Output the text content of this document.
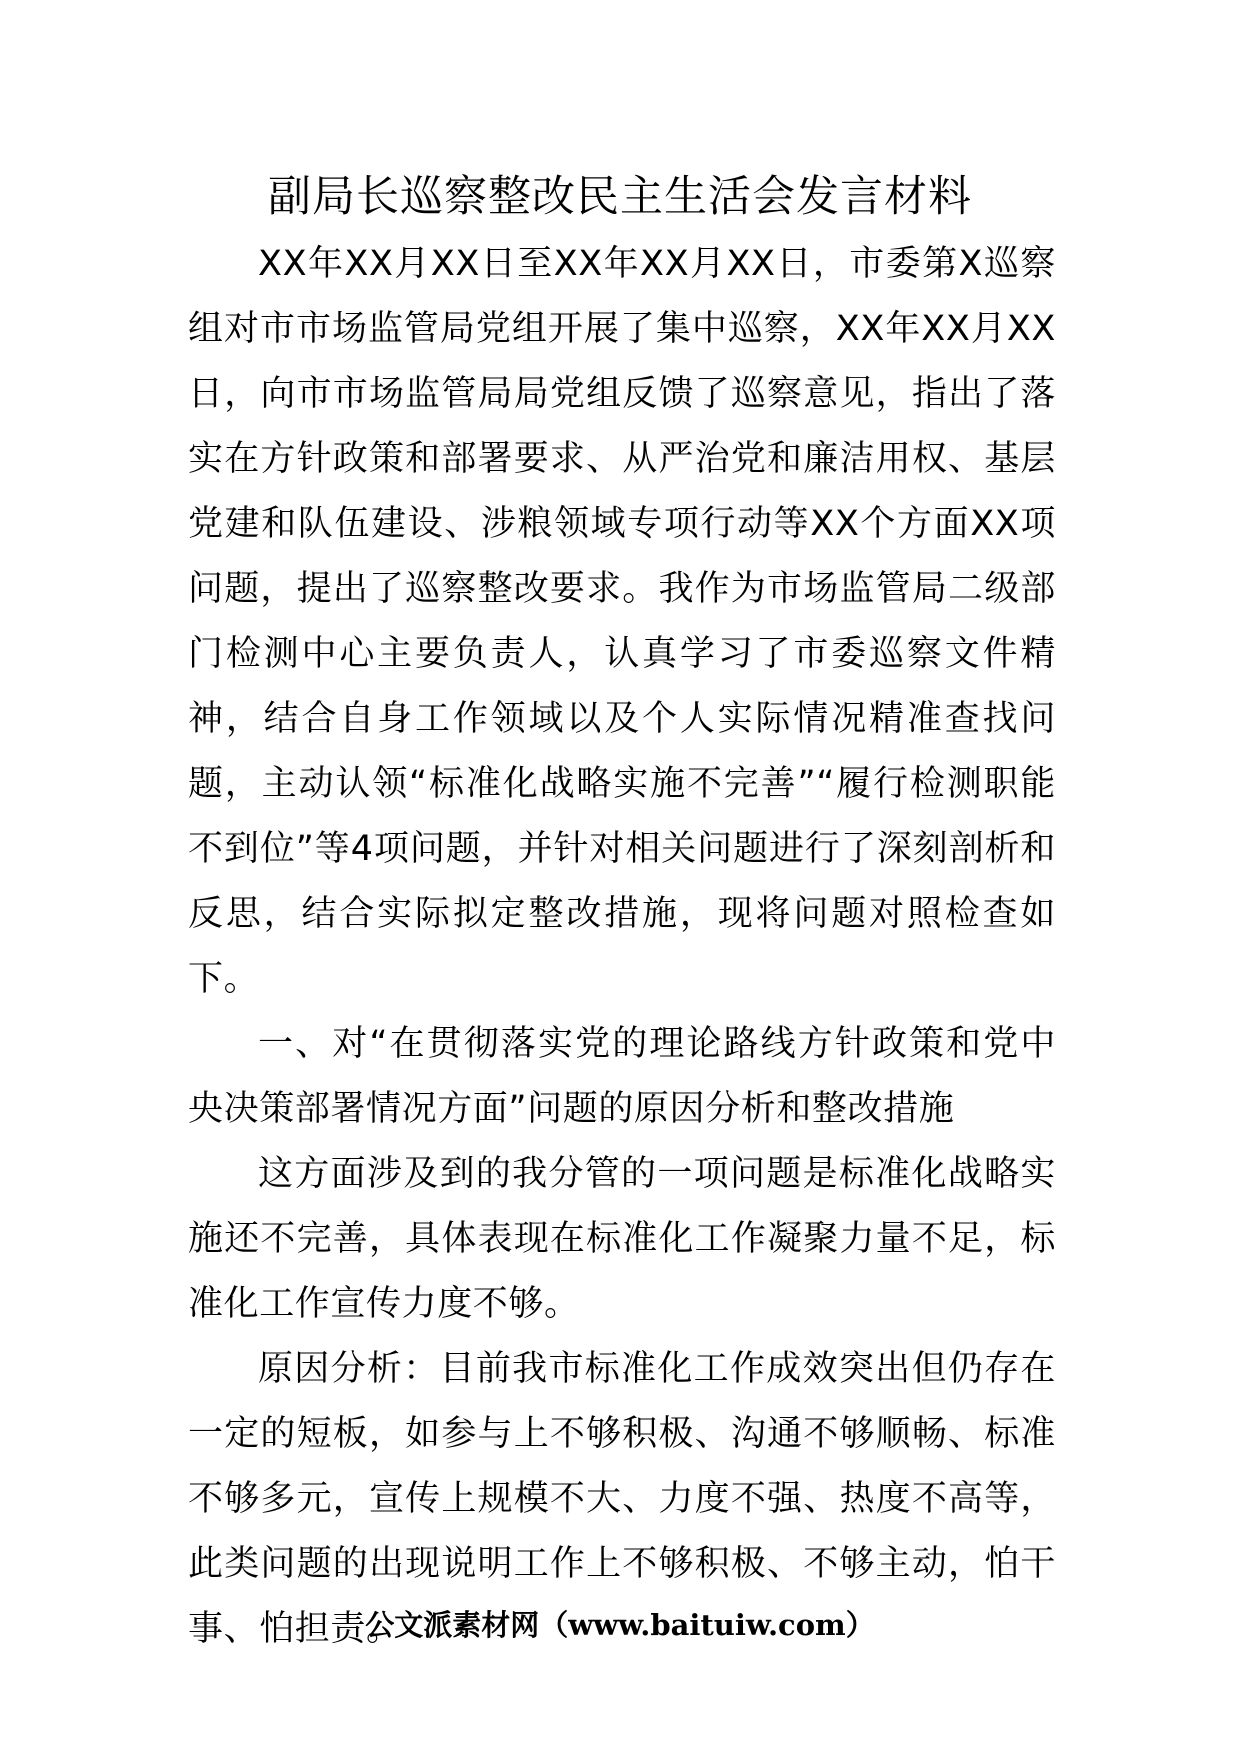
副局长巡察整改民主生活会发言材料

XX年XX月XX日至XX年XX月XX日，市委第X巡察组对市市场监管局党组开展了集中巡察，XX年XX月XX日，向市市场监管局局党组反馈了巡察意见，指出了落实在方针政策和部署要求、从严治党和廉洁用权、基层党建和队伍建设、涉粮领域专项行动等XX个方面XX项问题，提出了巡察整改要求。我作为市场监管局二级部门检测中心主要负责人，认真学习了市委巡察文件精神，结合自身工作领域以及个人实际情况精准查找问题，主动认领“标准化战略实施不完善”“履行检测职能不到位”等4项问题，并针对相关问题进行了深刻剖析和反思，结合实际拟定整改措施，现将问题对照检查如下。

一、对“在贯彻落实党的理论路线方针政策和党中央决策部署情况方面”问题的原因分析和整改措施

这方面涉及到的我分管的一项问题是标准化战略实施还不完善，具体表现在标准化工作凝聚力量不足，标准化工作宣传力度不够。

原因分析：目前我市标准化工作成效突出但仍存在一定的短板，如参与上不够积极、沟通不够顺畅、标准不够多元，宣传上规模不大、力度不强、热度不高等，此类问题的出现说明工作上不够积极、不够主动，怕干事、怕担责。

公文派素材网（www.baituiw.com）
